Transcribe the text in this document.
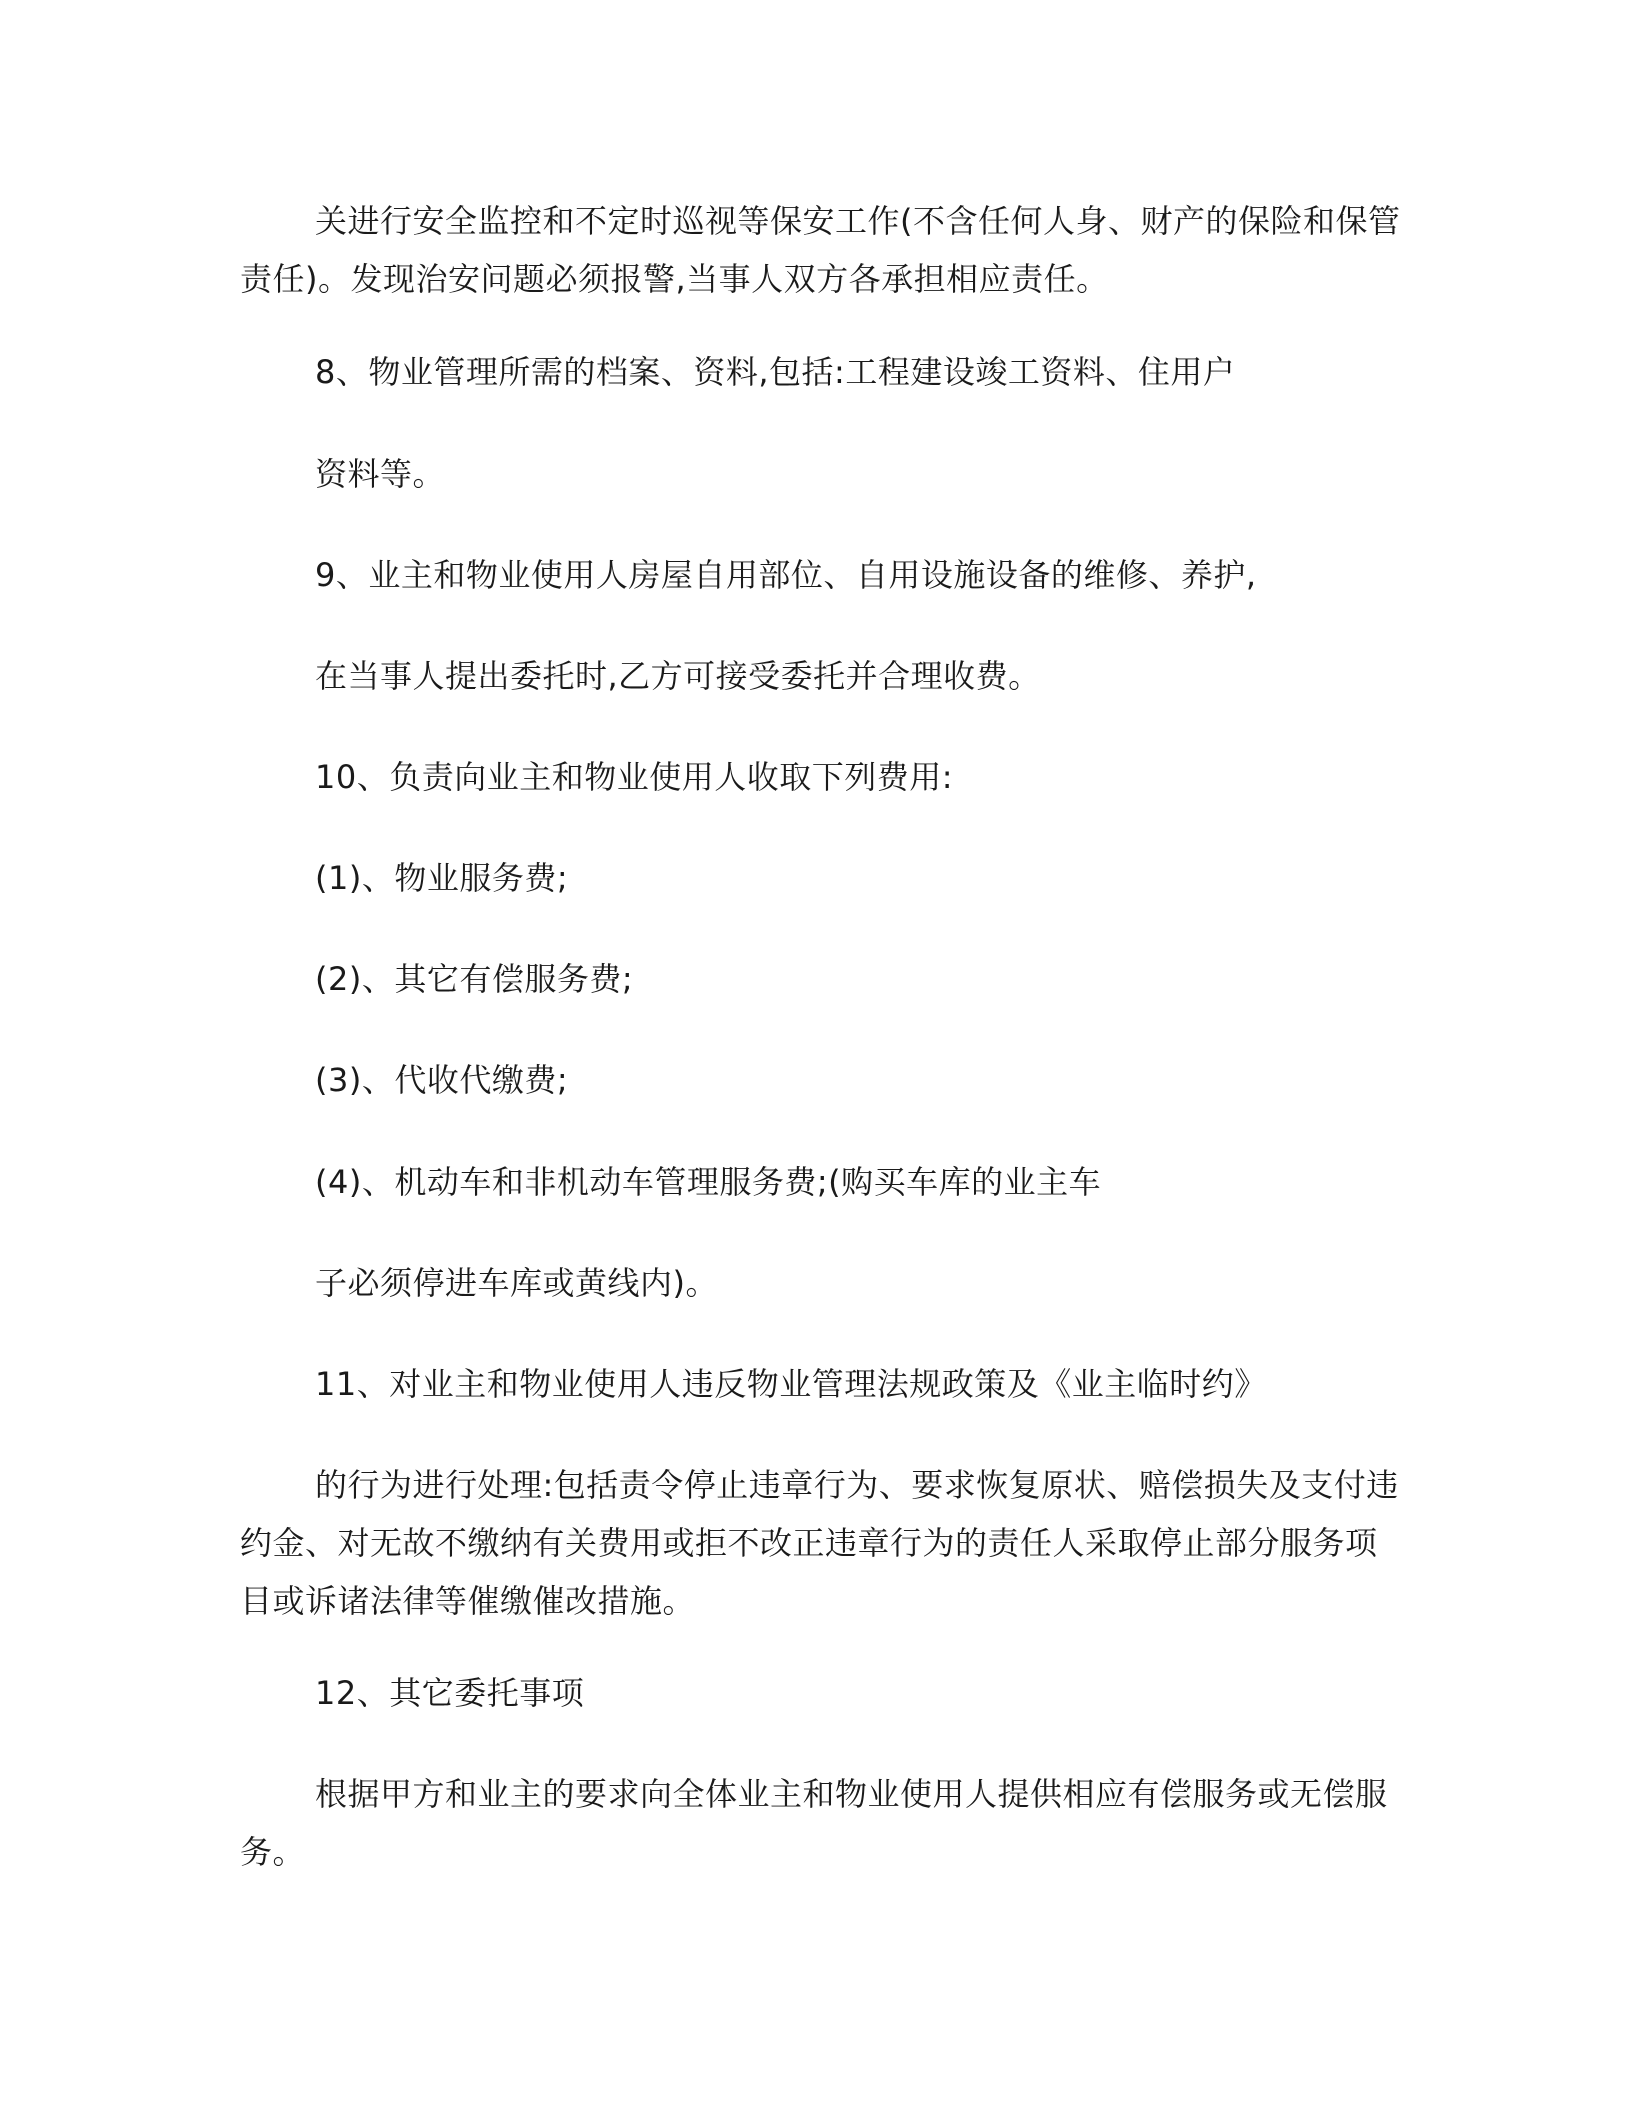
关进行安全监控和不定时巡视等保安工作(不含任何人身、财产的保险和保管
责任)。发现治安问题必须报警,当事人双方各承担相应责任。
8、物业管理所需的档案、资料,包括:工程建设竣工资料、住用户
资料等。
9、业主和物业使用人房屋自用部位、自用设施设备的维修、养护,
在当事人提出委托时,乙方可接受委托并合理收费。
10、负责向业主和物业使用人收取下列费用:
(1)、物业服务费;
(2)、其它有偿服务费;
(3)、代收代缴费;
(4)、机动车和非机动车管理服务费;(购买车库的业主车
子必须停进车库或黄线内)。
11、对业主和物业使用人违反物业管理法规政策及《业主临时约》
的行为进行处理:包括责令停止违章行为、要求恢复原状、赔偿损失及支付违
约金、对无故不缴纳有关费用或拒不改正违章行为的责任人采取停止部分服务项
目或诉诸法律等催缴催改措施。
12、其它委托事项
根据甲方和业主的要求向全体业主和物业使用人提供相应有偿服务或无偿服
务。
